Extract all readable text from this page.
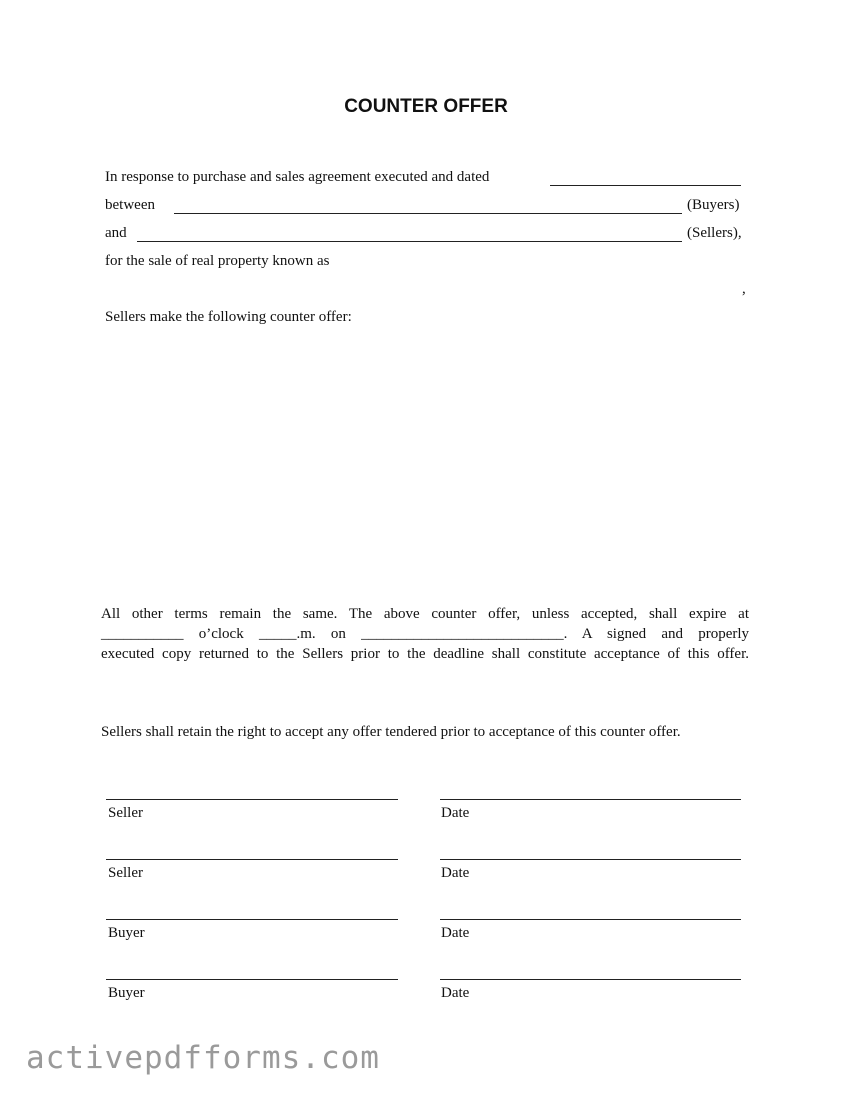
COUNTER OFFER
In response to purchase and sales agreement executed and dated
between	(Buyers)
and	(Sellers),
for the sale of real property known as
,
Sellers make the following counter offer:
All other terms remain the same. The above counter offer, unless accepted, shall expire at
___________ o’clock _____.m. on ___________________________. A signed and properly
executed copy returned to the Sellers prior to the deadline shall constitute acceptance of this offer.
Sellers shall retain the right to accept any offer tendered prior to acceptance of this counter offer.
Seller	Date
Seller	Date
Buyer	Date
Buyer	Date
activepdfforms.com
